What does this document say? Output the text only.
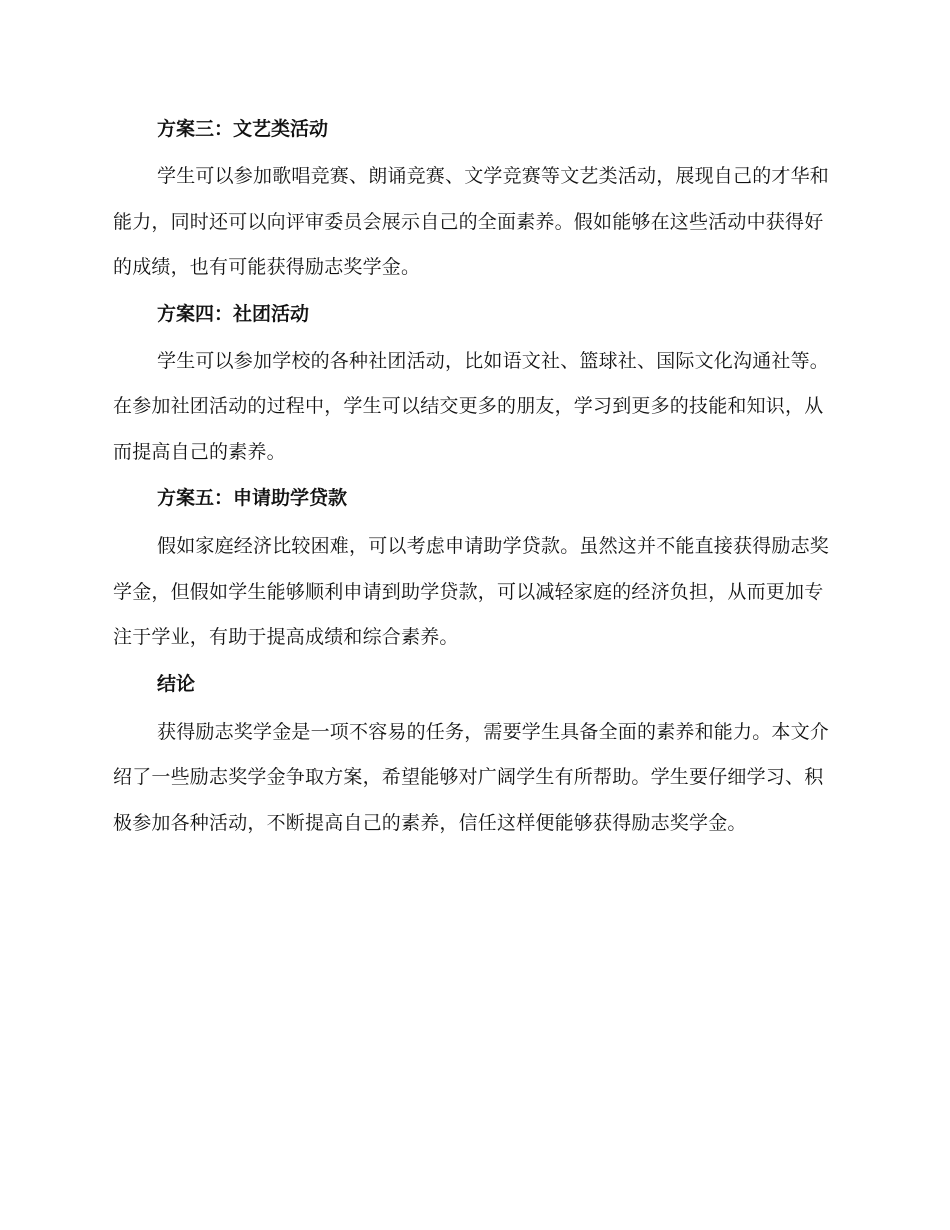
方案三：文艺类活动

学生可以参加歌唱竞赛、朗诵竞赛、文学竞赛等文艺类活动，展现自己的才华和能力，同时还可以向评审委员会展示自己的全面素养。假如能够在这些活动中获得好的成绩，也有可能获得励志奖学金。

方案四：社团活动

学生可以参加学校的各种社团活动，比如语文社、篮球社、国际文化沟通社等。在参加社团活动的过程中，学生可以结交更多的朋友，学习到更多的技能和知识，从而提高自己的素养。

方案五：申请助学贷款

假如家庭经济比较困难，可以考虑申请助学贷款。虽然这并不能直接获得励志奖学金，但假如学生能够顺利申请到助学贷款，可以减轻家庭的经济负担，从而更加专注于学业，有助于提高成绩和综合素养。

结论

获得励志奖学金是一项不容易的任务，需要学生具备全面的素养和能力。本文介绍了一些励志奖学金争取方案，希望能够对广阔学生有所帮助。学生要仔细学习、积极参加各种活动，不断提高自己的素养，信任这样便能够获得励志奖学金。
